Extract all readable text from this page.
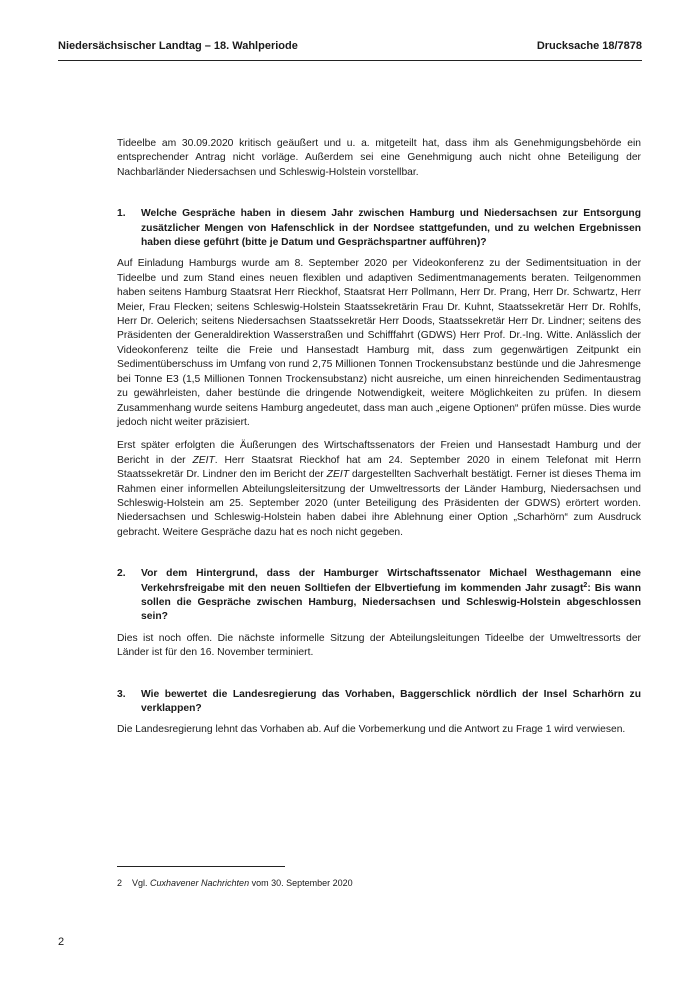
Niedersächsischer Landtag – 18. Wahlperiode	Drucksache 18/7878

Tideelbe am 30.09.2020 kritisch geäußert und u. a. mitgeteilt hat, dass ihm als Genehmigungsbehörde ein entsprechender Antrag nicht vorläge. Außerdem sei eine Genehmigung auch nicht ohne Beteiligung der Nachbarländer Niedersachsen und Schleswig-Holstein vorstellbar.

1.	Welche Gespräche haben in diesem Jahr zwischen Hamburg und Niedersachsen zur Entsorgung zusätzlicher Mengen von Hafenschlick in der Nordsee stattgefunden, und zu welchen Ergebnissen haben diese geführt (bitte je Datum und Gesprächspartner aufführen)?

Auf Einladung Hamburgs wurde am 8. September 2020 per Videokonferenz zu der Sedimentsituation in der Tideelbe und zum Stand eines neuen flexiblen und adaptiven Sedimentmanagements beraten. Teilgenommen haben seitens Hamburg Staatsrat Herr Rieckhof, Staatsrat Herr Pollmann, Herr Dr. Prang, Herr Dr. Schwartz, Herr Meier, Frau Flecken; seitens Schleswig-Holstein Staatssekretärin Frau Dr. Kuhnt, Staatssekretär Herr Dr. Rohlfs, Herr Dr. Oelerich; seitens Niedersachsen Staatssekretär Herr Doods, Staatssekretär Herr Dr. Lindner; seitens des Präsidenten der Generaldirektion Wasserstraßen und Schifffahrt (GDWS) Herr Prof. Dr.-Ing. Witte. Anlässlich der Videokonferenz teilte die Freie und Hansestadt Hamburg mit, dass zum gegenwärtigen Zeitpunkt ein Sedimentüberschuss im Umfang von rund 2,75 Millionen Tonnen Trockensubstanz bestünde und die Jahresmenge bei Tonne E3 (1,5 Millionen Tonnen Trockensubstanz) nicht ausreiche, um einen hinreichenden Sedimentaustrag zu gewährleisten, daher bestünde die dringende Notwendigkeit, weitere Möglichkeiten zu prüfen. In diesem Zusammenhang wurde seitens Hamburg angedeutet, dass man auch „eigene Optionen“ prüfen müsse. Dies wurde jedoch nicht weiter präzisiert.

Erst später erfolgten die Äußerungen des Wirtschaftssenators der Freien und Hansestadt Hamburg und der Bericht in der ZEIT. Herr Staatsrat Rieckhof hat am 24. September 2020 in einem Telefonat mit Herrn Staatssekretär Dr. Lindner den im Bericht der ZEIT dargestellten Sachverhalt bestätigt. Ferner ist dieses Thema im Rahmen einer informellen Abteilungsleitersitzung der Umweltressorts der Länder Hamburg, Niedersachsen und Schleswig-Holstein am 25. September 2020 (unter Beteiligung des Präsidenten der GDWS) erörtert worden. Niedersachsen und Schleswig-Holstein haben dabei ihre Ablehnung einer Option „Scharhörn“ zum Ausdruck gebracht. Weitere Gespräche dazu hat es noch nicht gegeben.

2.	Vor dem Hintergrund, dass der Hamburger Wirtschaftssenator Michael Westhagemann eine Verkehrsfreigabe mit den neuen Solltiefen der Elbvertiefung im kommenden Jahr zusagt$^2$: Bis wann sollen die Gespräche zwischen Hamburg, Niedersachsen und Schleswig-Holstein abgeschlossen sein?

Dies ist noch offen. Die nächste informelle Sitzung der Abteilungsleitungen Tideelbe der Umweltressorts der Länder ist für den 16. November terminiert.

3.	Wie bewertet die Landesregierung das Vorhaben, Baggerschlick nördlich der Insel Scharhörn zu verklappen?

Die Landesregierung lehnt das Vorhaben ab. Auf die Vorbemerkung und die Antwort zu Frage 1 wird verwiesen.

2	Vgl. Cuxhavener Nachrichten vom 30. September 2020
2
